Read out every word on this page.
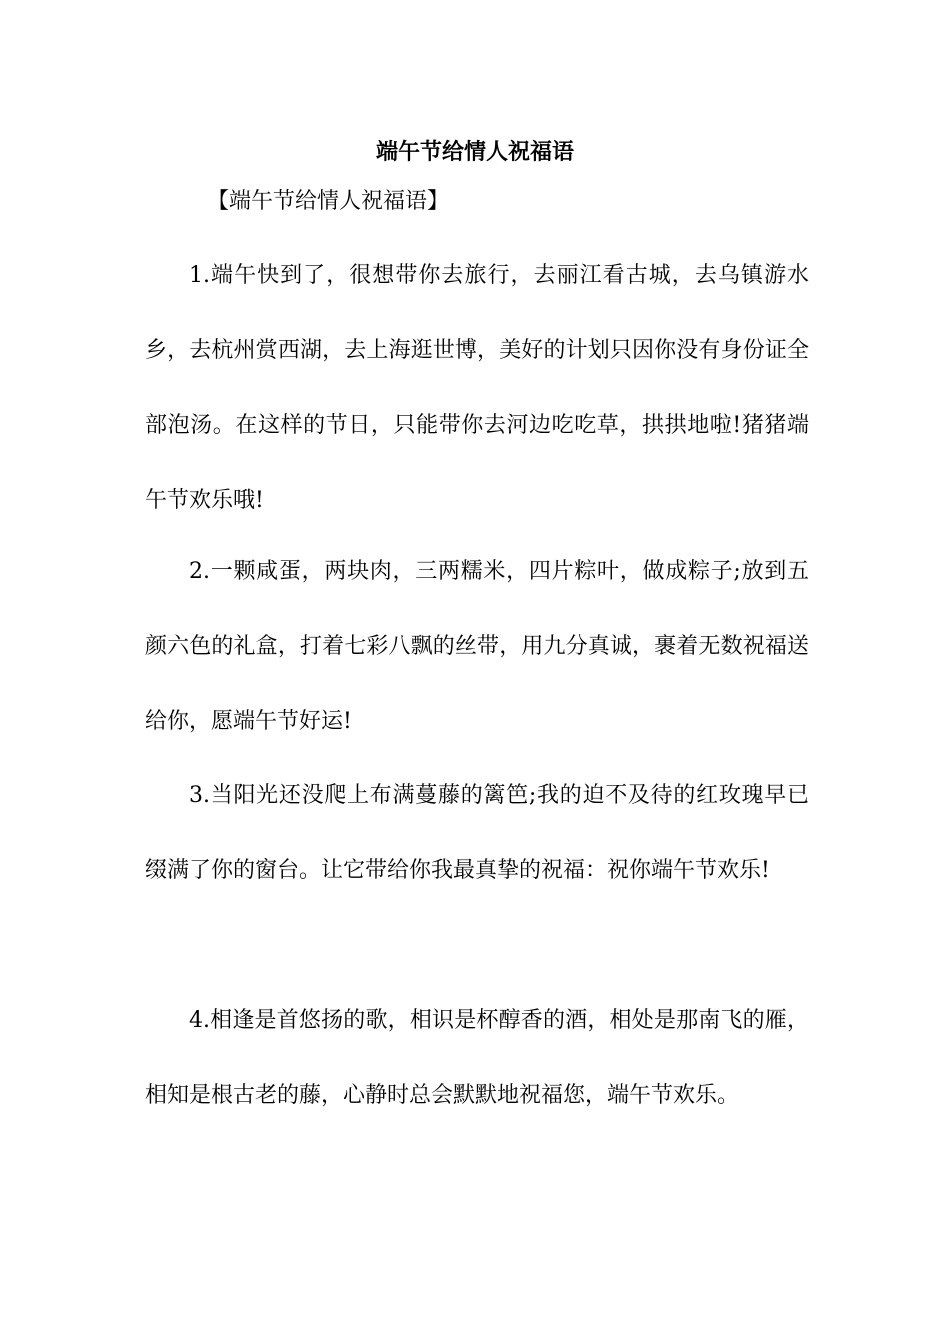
端午节给情人祝福语

【端午节给情人祝福语】

1.端午快到了，很想带你去旅行，去丽江看古城，去乌镇游水乡，去杭州赏西湖，去上海逛世博，美好的计划只因你没有身份证全部泡汤。在这样的节日，只能带你去河边吃吃草，拱拱地啦!猪猪端午节欢乐哦!

2.一颗咸蛋，两块肉，三两糯米，四片粽叶，做成粽子;放到五颜六色的礼盒，打着七彩八飘的丝带，用九分真诚，裹着无数祝福送给你，愿端午节好运!

3.当阳光还没爬上布满蔓藤的篱笆;我的迫不及待的红玫瑰早已缀满了你的窗台。让它带给你我最真挚的祝福：祝你端午节欢乐!

4.相逢是首悠扬的歌，相识是杯醇香的酒，相处是那南飞的雁，相知是根古老的藤，心静时总会默默地祝福您，端午节欢乐。
